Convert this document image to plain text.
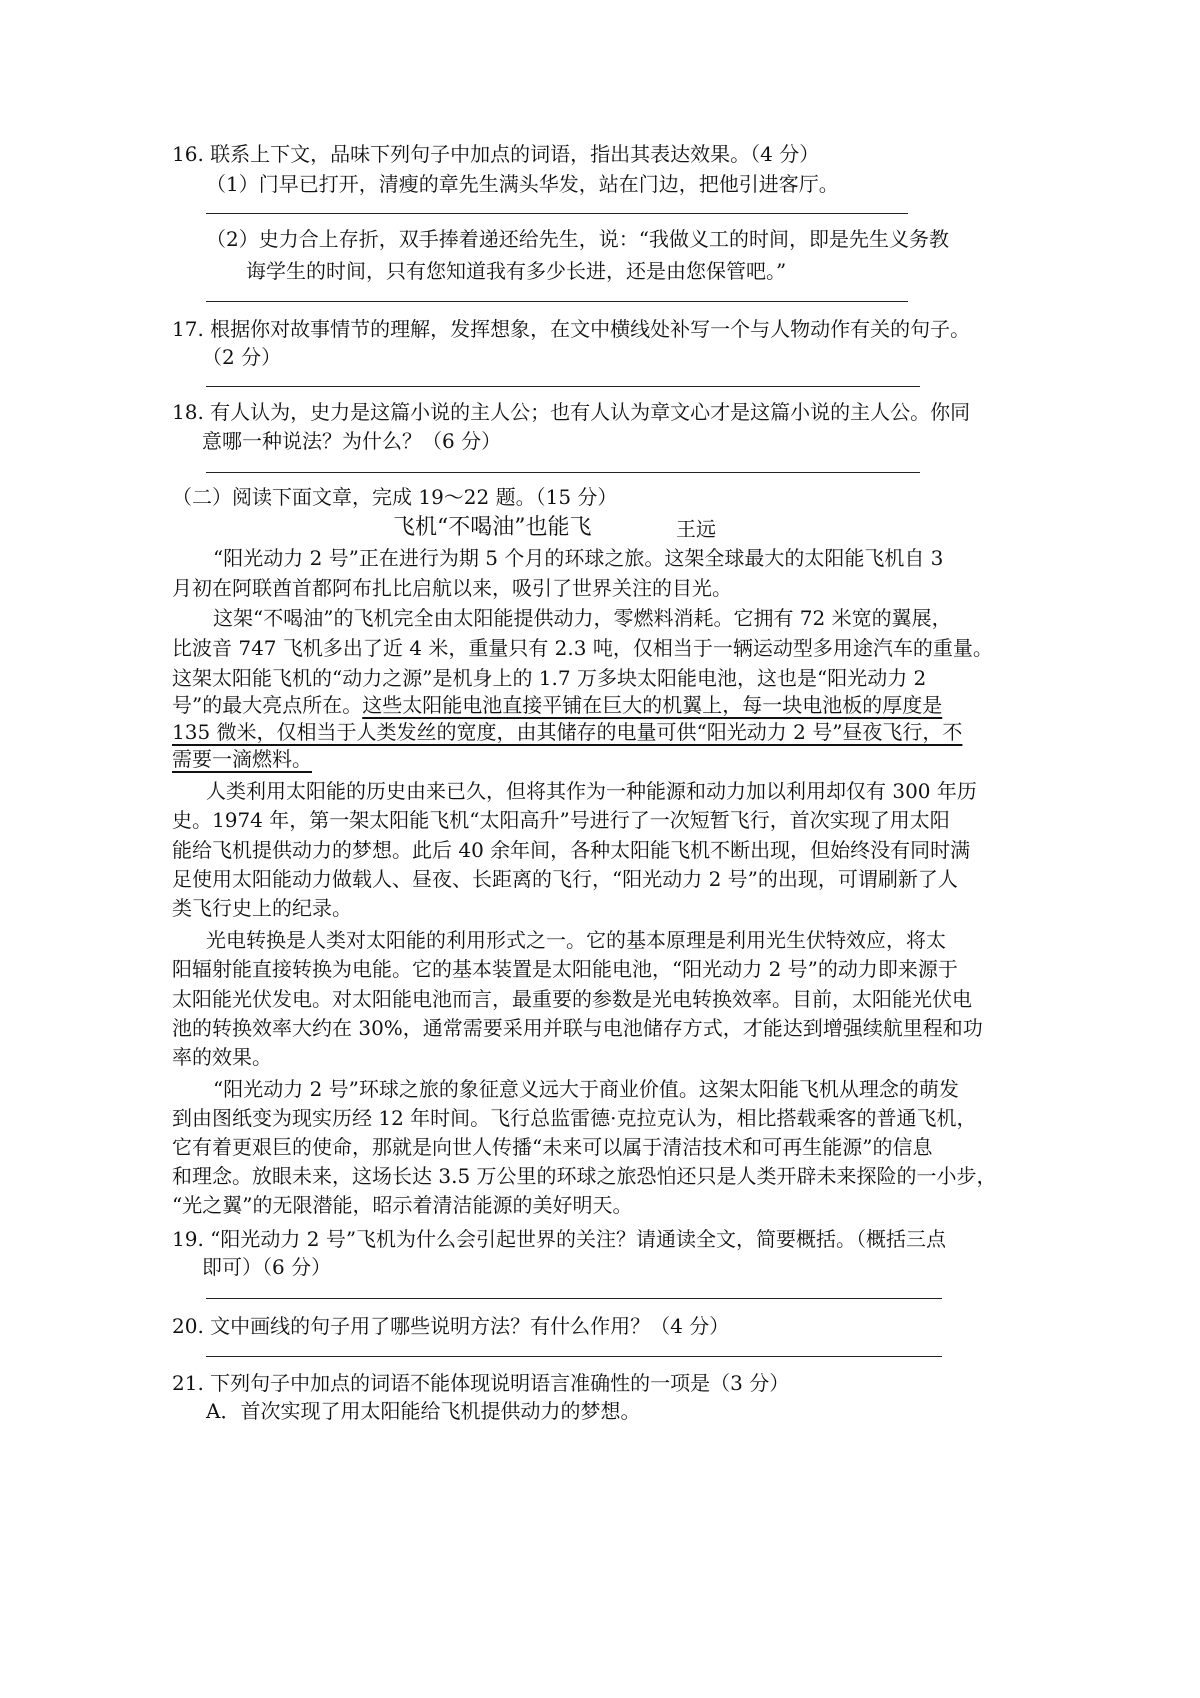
16. 联系上下文，品味下列句子中加点的词语，指出其表达效果。（4 分）
（1）门早已打开，清瘦的章先生满头华发，站在门边，把他引进客厅。
（2）史力合上存折，双手捧着递还给先生，说：“我做义工的时间，即是先生义务教
诲学生的时间，只有您知道我有多少长进，还是由您保管吧。”
17. 根据你对故事情节的理解，发挥想象，在文中横线处补写一个与人物动作有关的句子。
（2 分）
18. 有人认为，史力是这篇小说的主人公；也有人认为章文心才是这篇小说的主人公。你同
意哪一种说法？为什么？（6 分）
（二）阅读下面文章，完成 19～22 题。（15 分）
飞机“不喝油”也能飞	王远
“阳光动力 2 号”正在进行为期 5 个月的环球之旅。这架全球最大的太阳能飞机自 3
月初在阿联酋首都阿布扎比启航以来，吸引了世界关注的目光。
这架“不喝油”的飞机完全由太阳能提供动力，零燃料消耗。它拥有 72 米宽的翼展，
比波音 747 飞机多出了近 4 米，重量只有 2.3 吨，仅相当于一辆运动型多用途汽车的重量。
这架太阳能飞机的“动力之源”是机身上的 1.7 万多块太阳能电池，这也是“阳光动力 2
号”的最大亮点所在。这些太阳能电池直接平铺在巨大的机翼上，每一块电池板的厚度是
135 微米，仅相当于人类发丝的宽度，由其储存的电量可供“阳光动力 2 号”昼夜飞行，不
需要一滴燃料。
人类利用太阳能的历史由来已久，但将其作为一种能源和动力加以利用却仅有 300 年历
史。1974 年，第一架太阳能飞机“太阳高升”号进行了一次短暂飞行，首次实现了用太阳
能给飞机提供动力的梦想。此后 40 余年间，各种太阳能飞机不断出现，但始终没有同时满
足使用太阳能动力做载人、昼夜、长距离的飞行，“阳光动力 2 号”的出现，可谓刷新了人
类飞行史上的纪录。
光电转换是人类对太阳能的利用形式之一。它的基本原理是利用光生伏特效应，将太
阳辐射能直接转换为电能。它的基本装置是太阳能电池，“阳光动力 2 号”的动力即来源于
太阳能光伏发电。对太阳能电池而言，最重要的参数是光电转换效率。目前，太阳能光伏电
池的转换效率大约在 30%，通常需要采用并联与电池储存方式，才能达到增强续航里程和功
率的效果。
“阳光动力 2 号”环球之旅的象征意义远大于商业价值。这架太阳能飞机从理念的萌发
到由图纸变为现实历经 12 年时间。飞行总监雷德·克拉克认为，相比搭载乘客的普通飞机，
它有着更艰巨的使命，那就是向世人传播“未来可以属于清洁技术和可再生能源”的信息
和理念。放眼未来，这场长达 3.5 万公里的环球之旅恐怕还只是人类开辟未来探险的一小步，
“光之翼”的无限潜能，昭示着清洁能源的美好明天。
19. “阳光动力 2 号”飞机为什么会引起世界的关注？请通读全文，简要概括。（概括三点
即可）（6 分）
20. 文中画线的句子用了哪些说明方法？有什么作用？（4 分）
21. 下列句子中加点的词语不能体现说明语言准确性的一项是（3 分）
A．首次实现了用太阳能给飞机提供动力的梦想。
